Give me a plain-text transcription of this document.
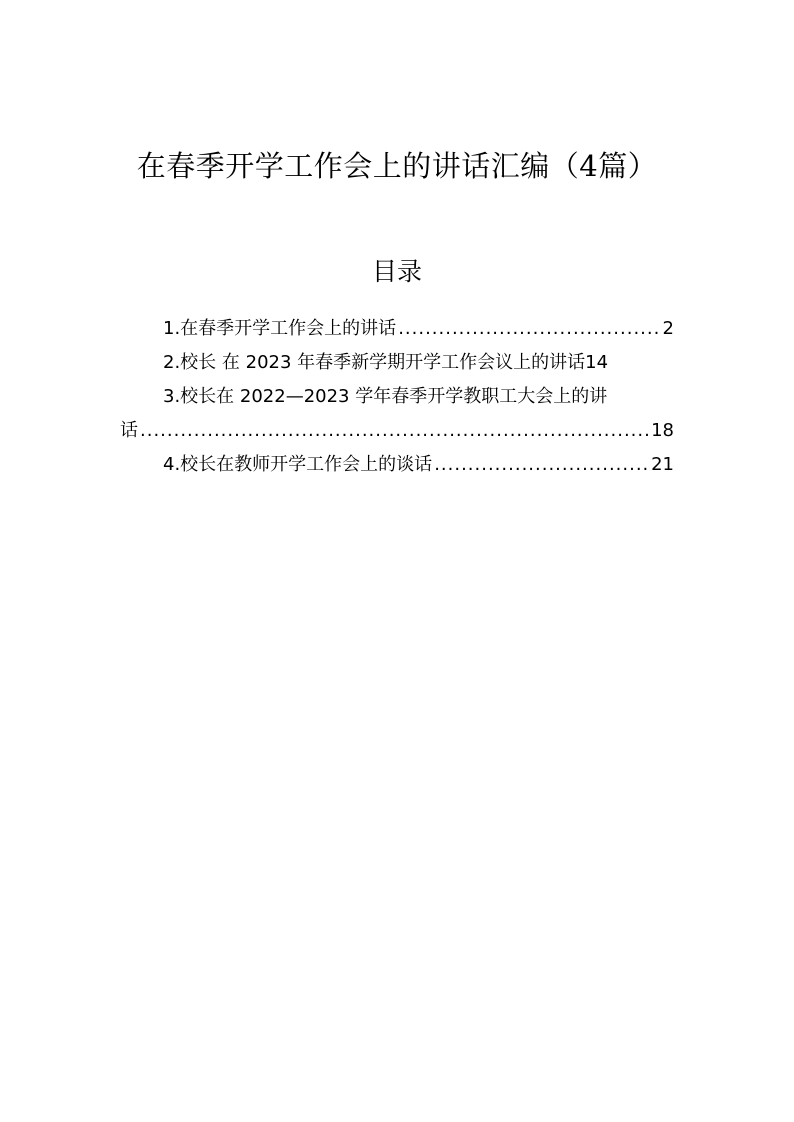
在春季开学工作会上的讲话汇编（4篇）
目录
1.在春季开学工作会上的讲话 .....	2
2.校长 在 2023 年春季新学期开学工作会议上的讲话 14
3.校长在 2022—2023 学年春季开学教职工大会上的讲
话 .....	18
4.校长在教师开学工作会上的谈话 .....	21
